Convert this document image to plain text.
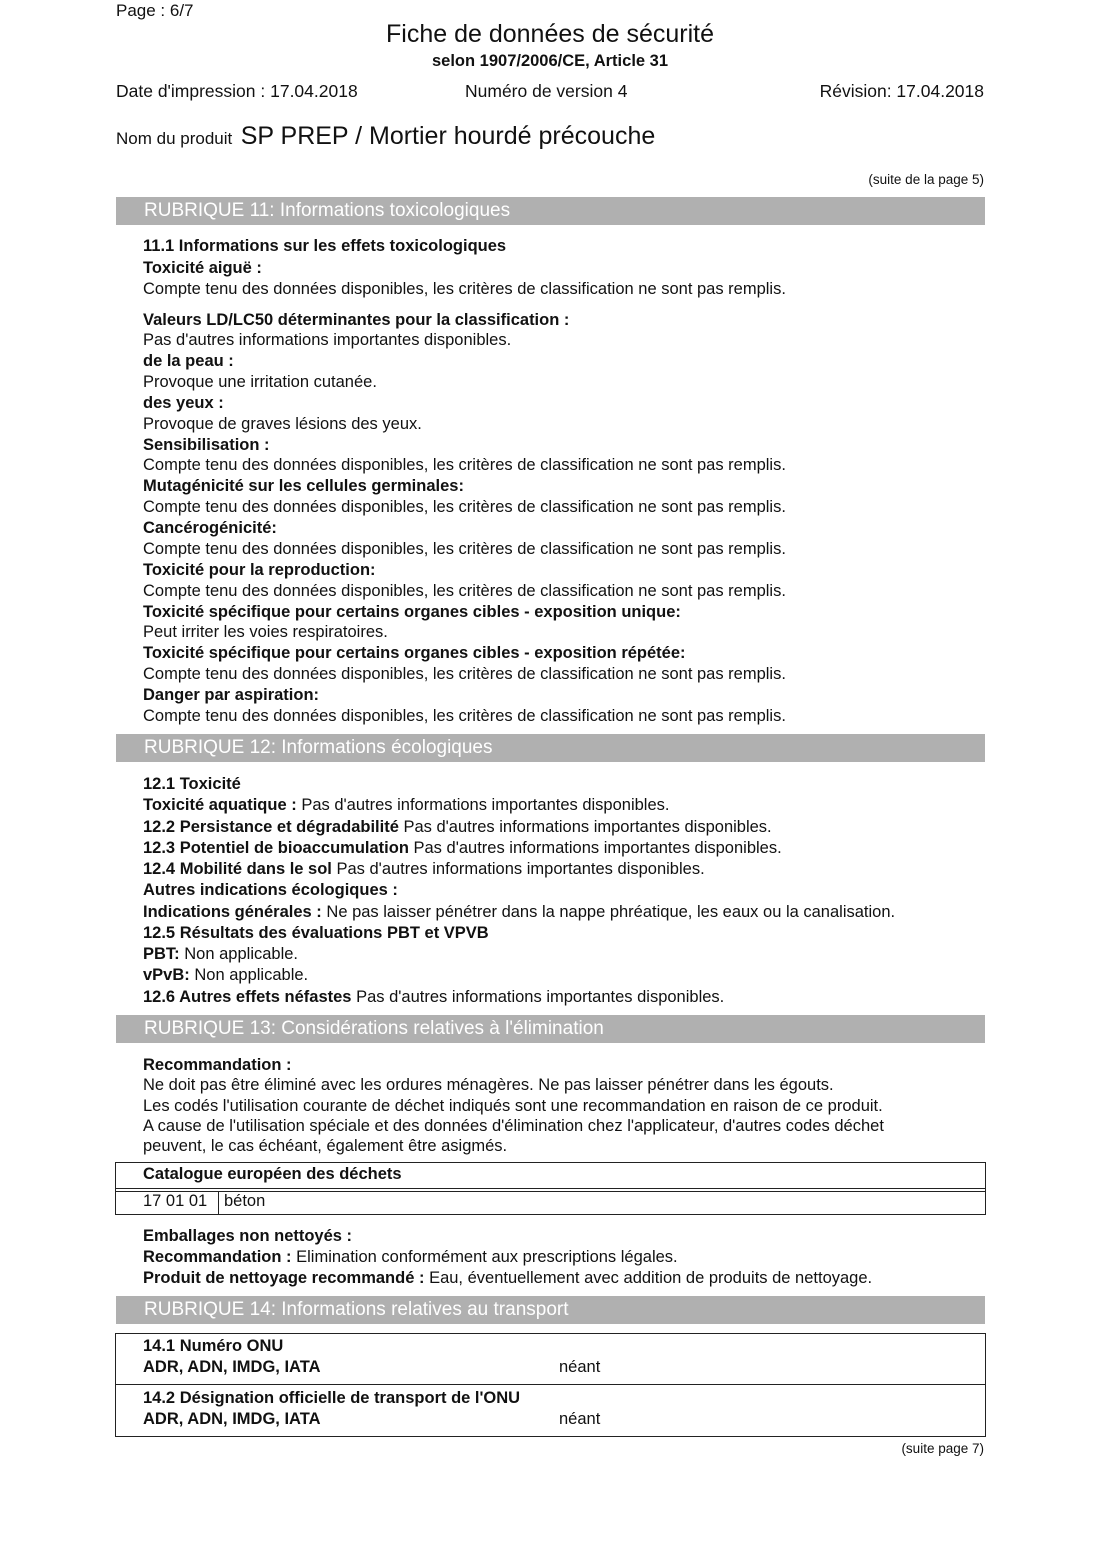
Page : 6/7
Fiche de données de sécurité
selon 1907/2006/CE, Article 31
Date d'impression : 17.04.2018	Numéro de version 4	Révision: 17.04.2018
Nom du produit SP PREP / Mortier hourdé précouche
(suite de la page 5)
RUBRIQUE 11: Informations toxicologiques
11.1 Informations sur les effets toxicologiques
Toxicité aiguë :
Compte tenu des données disponibles, les critères de classification ne sont pas remplis.
Valeurs LD/LC50 déterminantes pour la classification :
Pas d'autres informations importantes disponibles.
de la peau :
Provoque une irritation cutanée.
des yeux :
Provoque de graves lésions des yeux.
Sensibilisation :
Compte tenu des données disponibles, les critères de classification ne sont pas remplis.
Mutagénicité sur les cellules germinales:
Compte tenu des données disponibles, les critères de classification ne sont pas remplis.
Cancérogénicité:
Compte tenu des données disponibles, les critères de classification ne sont pas remplis.
Toxicité pour la reproduction:
Compte tenu des données disponibles, les critères de classification ne sont pas remplis.
Toxicité spécifique pour certains organes cibles - exposition unique:
Peut irriter les voies respiratoires.
Toxicité spécifique pour certains organes cibles - exposition répétée:
Compte tenu des données disponibles, les critères de classification ne sont pas remplis.
Danger par aspiration:
Compte tenu des données disponibles, les critères de classification ne sont pas remplis.
RUBRIQUE 12: Informations écologiques
12.1 Toxicité
Toxicité aquatique : Pas d'autres informations importantes disponibles.
12.2 Persistance et dégradabilité Pas d'autres informations importantes disponibles.
12.3 Potentiel de bioaccumulation Pas d'autres informations importantes disponibles.
12.4 Mobilité dans le sol Pas d'autres informations importantes disponibles.
Autres indications écologiques :
Indications générales : Ne pas laisser pénétrer dans la nappe phréatique, les eaux ou la canalisation.
12.5 Résultats des évaluations PBT et VPVB
PBT: Non applicable.
vPvB: Non applicable.
12.6 Autres effets néfastes Pas d'autres informations importantes disponibles.
RUBRIQUE 13: Considérations relatives à l'élimination
Recommandation :
Ne doit pas être éliminé avec les ordures ménagères. Ne pas laisser pénétrer dans les égouts.
Les codés l'utilisation courante de déchet indiqués sont une recommandation en raison de ce produit.
A cause de l'utilisation spéciale et des données d'élimination chez l'applicateur, d'autres codes déchet
peuvent, le cas échéant, également être asigmés.
Catalogue européen des déchets
17 01 01 béton
Emballages non nettoyés :
Recommandation : Elimination conformément aux prescriptions légales.
Produit de nettoyage recommandé : Eau, éventuellement avec addition de produits de nettoyage.
RUBRIQUE 14: Informations relatives au transport
14.1 Numéro ONU
ADR, ADN, IMDG, IATA	néant
14.2 Désignation officielle de transport de l'ONU
ADR, ADN, IMDG, IATA	néant
(suite page 7)
